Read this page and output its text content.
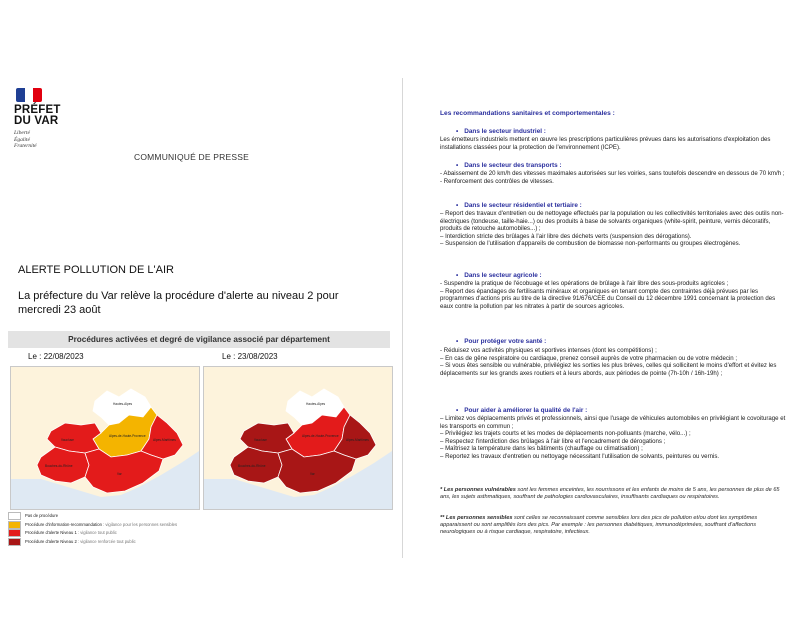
PRÉFET
DU VAR
Liberté
Égalité
Fraternité
COMMUNIQUÉ DE PRESSE
ALERTE POLLUTION DE L'AIR
La préfecture du Var relève la procédure d'alerte au niveau 2 pour mercredi 23 août
Procédures activées et degré de vigilance associé par département
Le : 22/08/2023
Hautes-Alpes
Alpes-de-Haute-Provence
Vaucluse	Alpes-Maritimes
Bouches-du-Rhône
Var
Le : 23/08/2023
Hautes-Alpes
Alpes-de-Haute-Provence
Vaucluse	Alpes-Maritimes
Bouches-du-Rhône
Var
Pas de procédure
Procédure d'information-recommandation : vigilance pour les personnes sensibles
Procédure d'alerte Niveau 1 : vigilance tout public
Procédure d'alerte Niveau 2 : vigilance renforcée tout public
Les recommandations sanitaires et comportementales :
• Dans le secteur industriel :
Les émetteurs industriels mettent en œuvre les prescriptions particulières prévues dans les autorisations d'exploitation des installations classées pour la protection de l'environnement (ICPE).
• Dans le secteur des transports :
- Abaissement de 20 km/h des vitesses maximales autorisées sur les voiries, sans toutefois descendre en dessous de 70 km/h ;
- Renforcement des contrôles de vitesses.
• Dans le secteur résidentiel et tertiaire :
– Report des travaux d'entretien ou de nettoyage effectués par la population ou les collectivités territoriales avec des outils non-électriques (tondeuse, taille-haie...) ou des produits à base de solvants organiques (white-spirit, peinture, vernis décoratifs, produits de retouche automobiles...) ;
– Interdiction stricte des brûlages à l'air libre des déchets verts (suspension des dérogations).
– Suspension de l'utilisation d'appareils de combustion de biomasse non-performants ou groupes électrogènes.
• Dans le secteur agricole :
- Suspendre la pratique de l'écobuage et les opérations de brûlage à l'air libre des sous-produits agricoles ;
– Report des épandages de fertilisants minéraux et organiques en tenant compte des contraintes déjà prévues par les programmes d'actions pris au titre de la directive 91/676/CEE du Conseil du 12 décembre 1991 concernant la protection des eaux contre la pollution par les nitrates à partir de sources agricoles.
• Pour protéger votre santé :
- Réduisez vos activités physiques et sportives intenses (dont les compétitions) ;
– En cas de gêne respiratoire ou cardiaque, prenez conseil auprès de votre pharmacien ou de votre médecin ;
– Si vous êtes sensible ou vulnérable, privilégiez les sorties les plus brèves, celles qui sollicitent le moins d'effort et évitez les déplacements sur les grands axes routiers et à leurs abords, aux périodes de pointe (7h-10h / 16h-19h) ;
• Pour aider à améliorer la qualité de l'air :
– Limitez vos déplacements privés et professionnels, ainsi que l'usage de véhicules automobiles en privilégiant le covoiturage et les transports en commun ;
– Privilégiez les trajets courts et les modes de déplacements non-polluants (marche, vélo...) ;
– Respectez l'interdiction des brûlages à l'air libre et l'encadrement de dérogations ;
– Maîtrisez la température dans les bâtiments (chauffage ou climatisation) ;
– Reportez les travaux d'entretien ou nettoyage nécessitant l'utilisation de solvants, peintures ou vernis.
* Les personnes vulnérables sont les femmes enceintes, les nourrissons et les enfants de moins de 5 ans, les personnes de plus de 65 ans, les sujets asthmatiques, souffrant de pathologies cardiovasculaires, insuffisants cardiaques ou respiratoires.
** Les personnes sensibles sont celles se reconnaissant comme sensibles lors des pics de pollution et/ou dont les symptômes apparaissent ou sont amplifiés lors des pics. Par exemple : les personnes diabétiques, immunodéprimées, souffrant d'affections neurologiques ou à risque cardiaque, respiratoire, infectieux.
